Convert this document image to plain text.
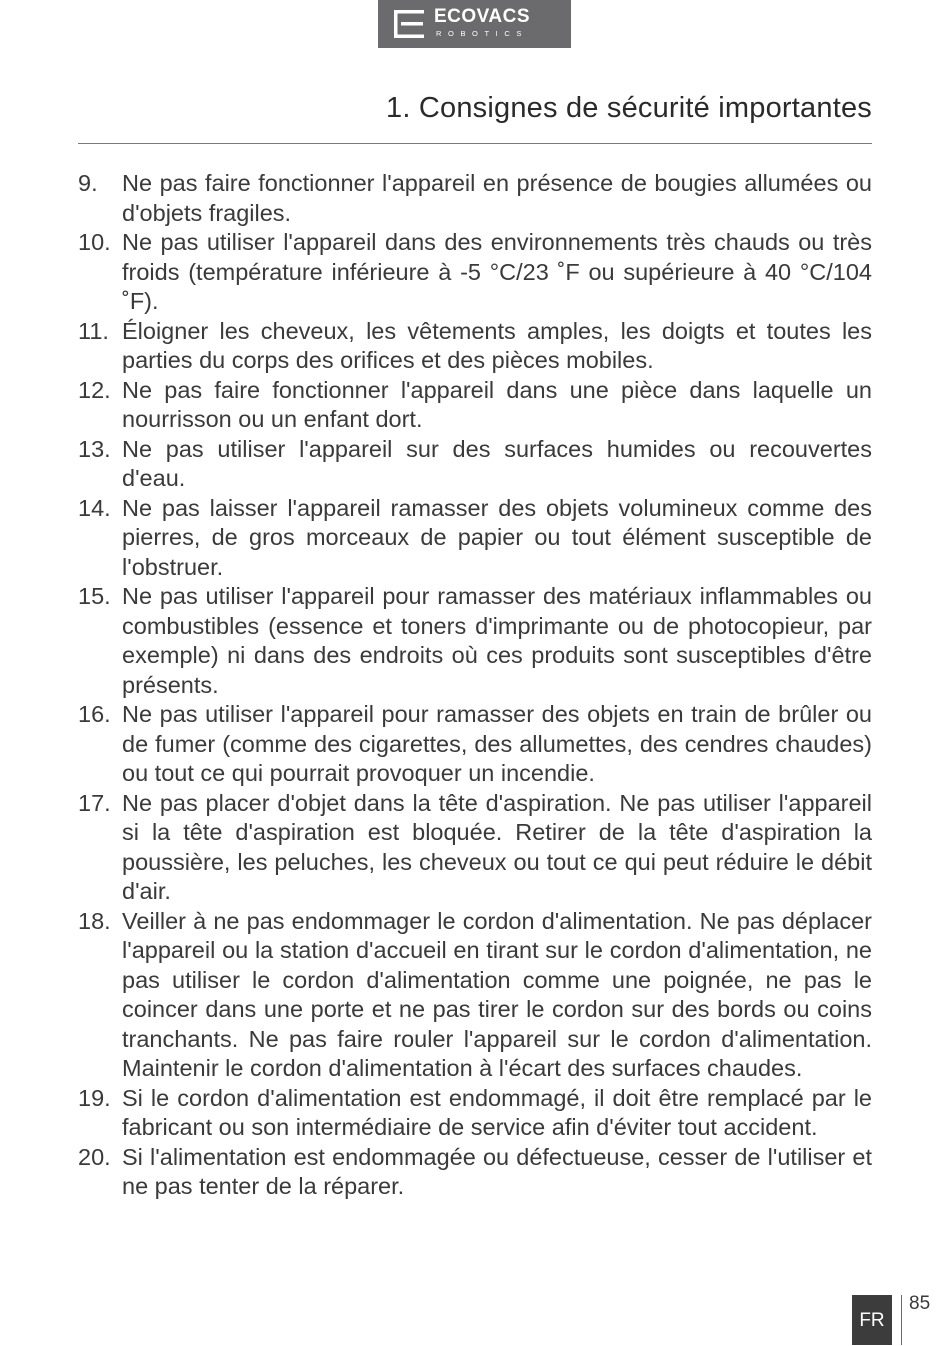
ECOVACS
ROBOTICS
1. Consignes de sécurité importantes
9. Ne pas faire fonctionner l'appareil en présence de bougies allumées ou d'objets fragiles.
10. Ne pas utiliser l'appareil dans des environnements très chauds ou très froids (température inférieure à -5 °C/23 ˚F ou supérieure à 40 °C/104 ˚F).
11. Éloigner les cheveux, les vêtements amples, les doigts et toutes les parties du corps des orifices et des pièces mobiles.
12. Ne pas faire fonctionner l'appareil dans une pièce dans laquelle un nourrisson ou un enfant dort.
13. Ne pas utiliser l'appareil sur des surfaces humides ou recouvertes d'eau.
14. Ne pas laisser l'appareil ramasser des objets volumineux comme des pierres, de gros morceaux de papier ou tout élément susceptible de l'obstruer.
15. Ne pas utiliser l'appareil pour ramasser des matériaux inflammables ou combustibles (essence et toners d'imprimante ou de photocopieur, par exemple) ni dans des endroits où ces produits sont susceptibles d'être présents.
16. Ne pas utiliser l'appareil pour ramasser des objets en train de brûler ou de fumer (comme des cigarettes, des allumettes, des cendres chaudes) ou tout ce qui pourrait provoquer un incendie.
17. Ne pas placer d'objet dans la tête d'aspiration. Ne pas utiliser l'appareil si la tête d'aspiration est bloquée. Retirer de la tête d'aspiration la poussière, les peluches, les cheveux ou tout ce qui peut réduire le débit d'air.
18. Veiller à ne pas endommager le cordon d'alimentation. Ne pas déplacer l'appareil ou la station d'accueil en tirant sur le cordon d'alimentation, ne pas utiliser le cordon d'alimentation comme une poignée, ne pas le coincer dans une porte et ne pas tirer le cordon sur des bords ou coins tranchants. Ne pas faire rouler l'appareil sur le cordon d'alimentation. Maintenir le cordon d'alimentation à l'écart des surfaces chaudes.
19. Si le cordon d'alimentation est endommagé, il doit être remplacé par le fabricant ou son intermédiaire de service afin d'éviter tout accident.
20. Si l'alimentation est endommagée ou défectueuse, cesser de l'utiliser et ne pas tenter de la réparer.
FR
85
